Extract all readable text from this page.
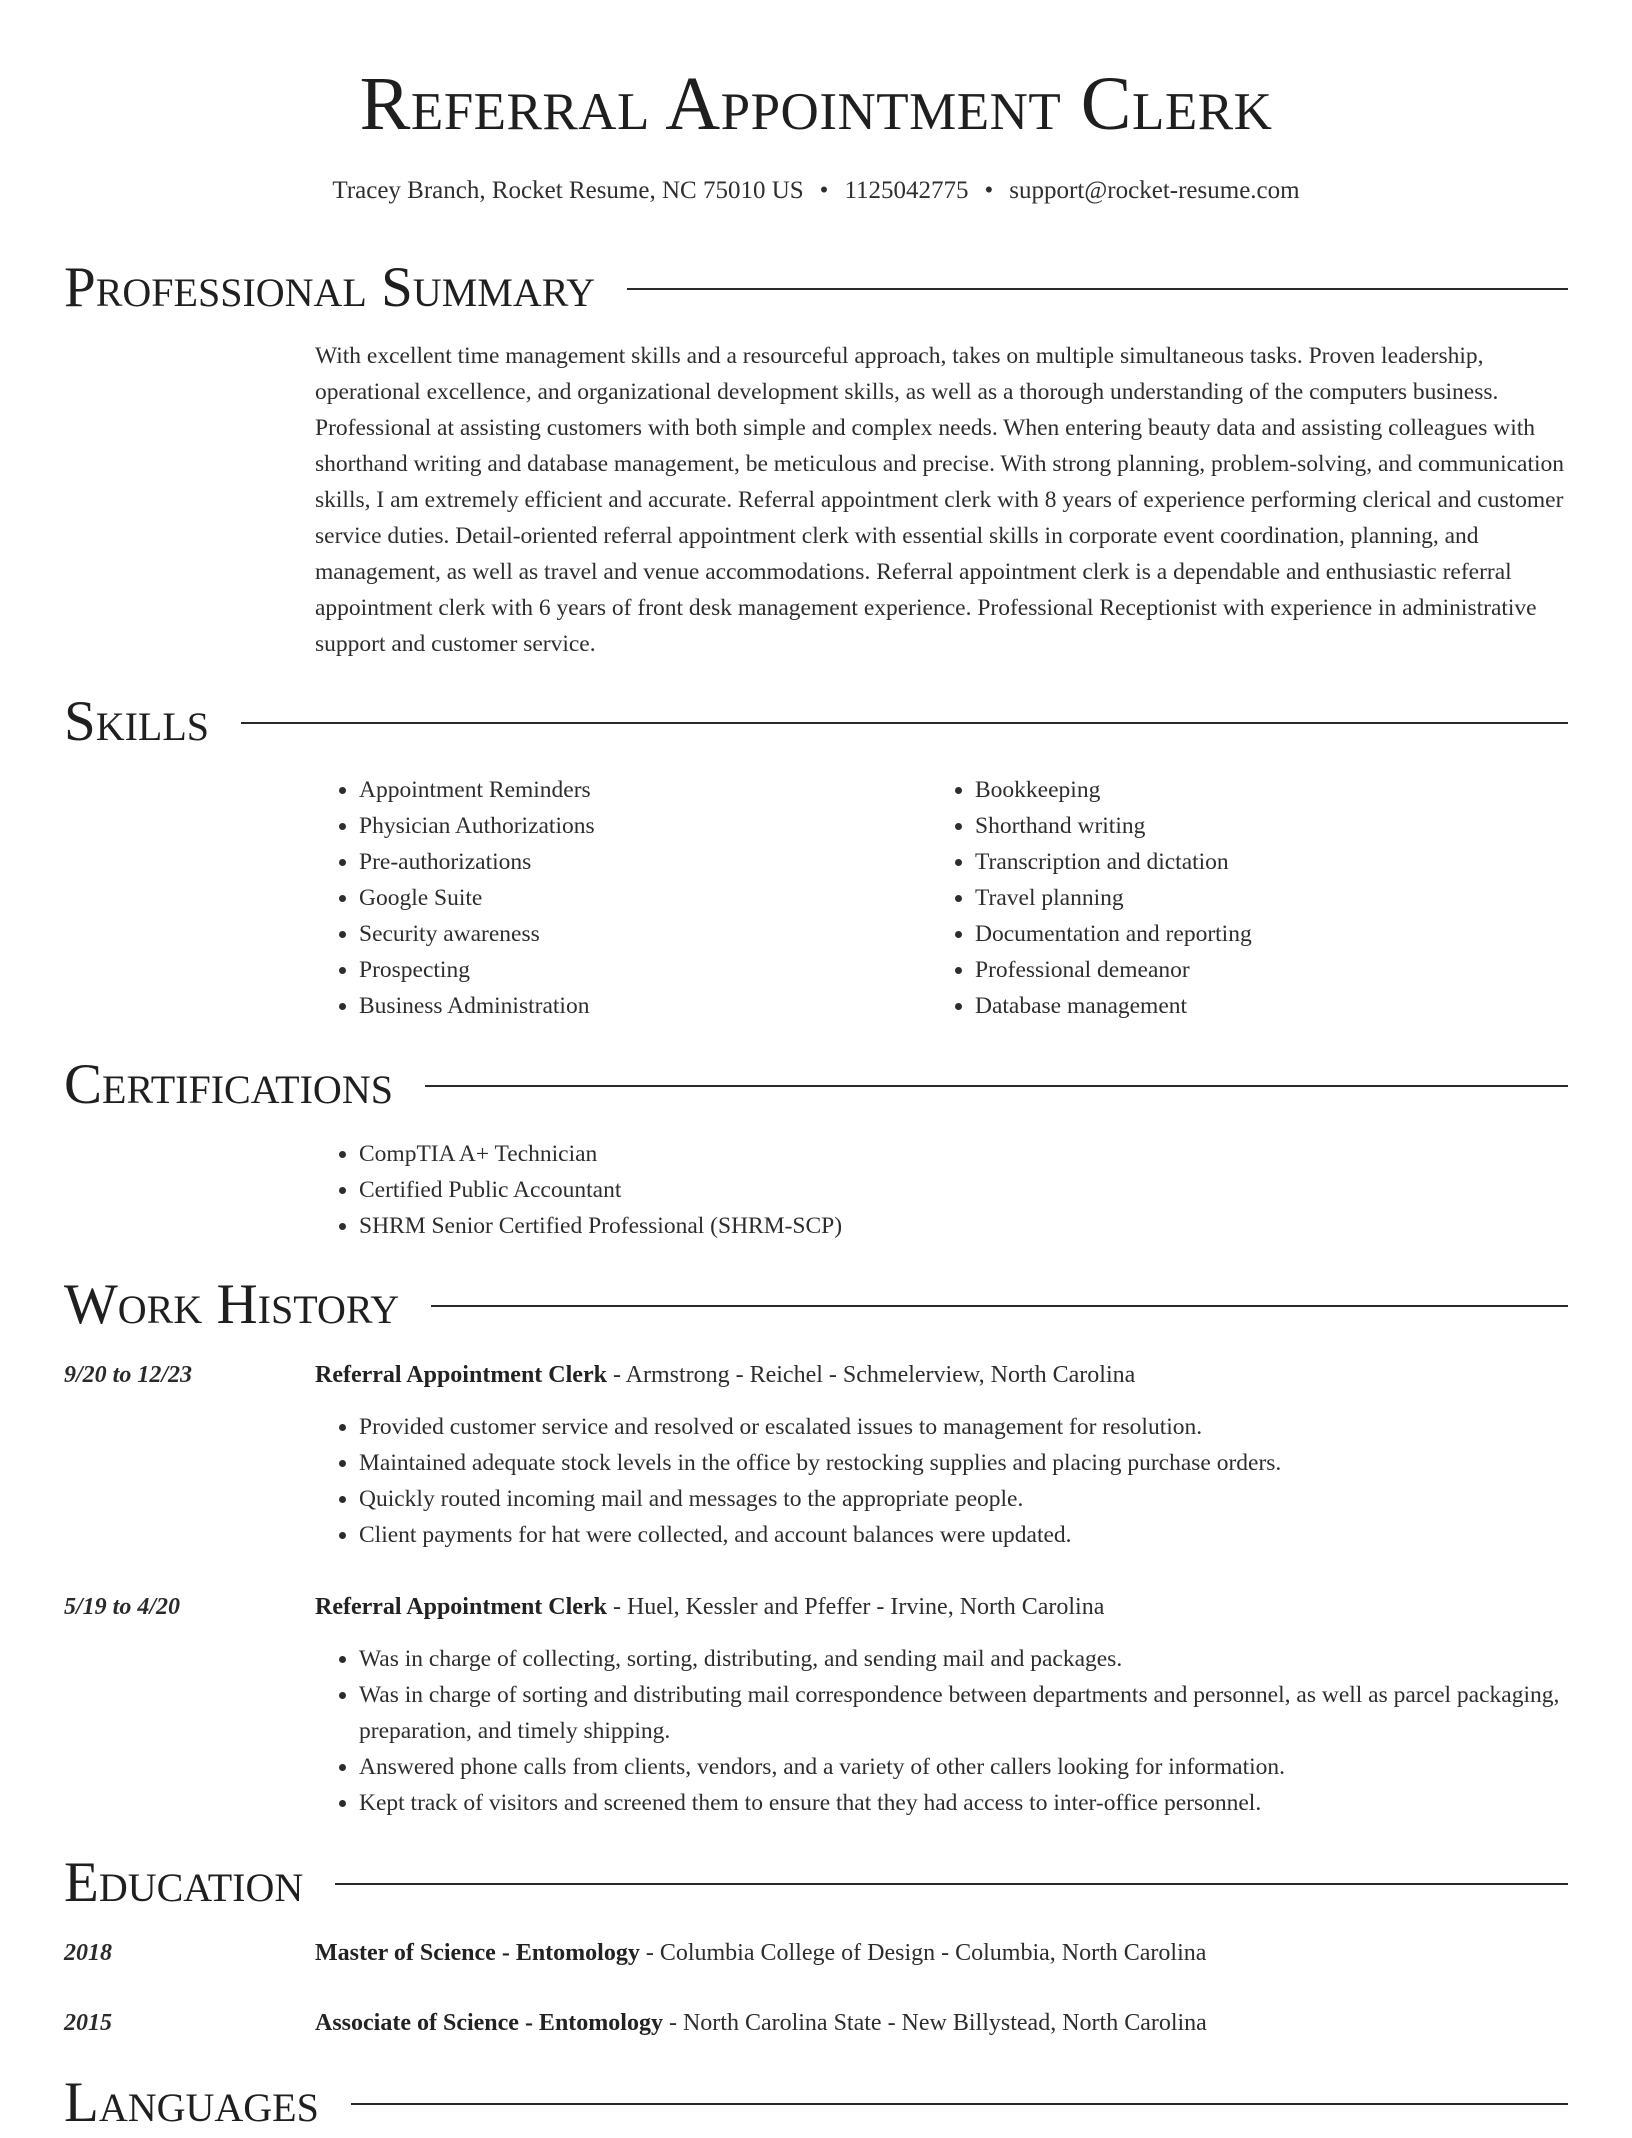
Referral Appointment Clerk
Tracey Branch, Rocket Resume, NC 75010 US • 1125042775 • support@rocket-resume.com
Professional Summary

With excellent time management skills and a resourceful approach, takes on multiple simultaneous tasks. Proven leadership, operational excellence, and organizational development skills, as well as a thorough understanding of the computers business. Professional at assisting customers with both simple and complex needs. When entering beauty data and assisting colleagues with shorthand writing and database management, be meticulous and precise. With strong planning, problem-solving, and communication skills, I am extremely efficient and accurate. Referral appointment clerk with 8 years of experience performing clerical and customer service duties. Detail-oriented referral appointment clerk with essential skills in corporate event coordination, planning, and management, as well as travel and venue accommodations. Referral appointment clerk is a dependable and enthusiastic referral appointment clerk with 6 years of front desk management experience. Professional Receptionist with experience in administrative support and customer service.

Skills
• Appointment Reminders
• Physician Authorizations
• Pre-authorizations
• Google Suite
• Security awareness
• Prospecting
• Business Administration
• Bookkeeping
• Shorthand writing
• Transcription and dictation
• Travel planning
• Documentation and reporting
• Professional demeanor
• Database management
Certifications
• CompTIA A+ Technician
• Certified Public Accountant
• SHRM Senior Certified Professional (SHRM-SCP)
Work History
9/20 to 12/23	Referral Appointment Clerk - Armstrong - Reichel - Schmelerview, North Carolina
• Provided customer service and resolved or escalated issues to management for resolution.
• Maintained adequate stock levels in the office by restocking supplies and placing purchase orders.
• Quickly routed incoming mail and messages to the appropriate people.
• Client payments for hat were collected, and account balances were updated.
5/19 to 4/20	Referral Appointment Clerk - Huel, Kessler and Pfeffer - Irvine, North Carolina
• Was in charge of collecting, sorting, distributing, and sending mail and packages.
• Was in charge of sorting and distributing mail correspondence between departments and personnel, as well as parcel packaging, preparation, and timely shipping.
• Answered phone calls from clients, vendors, and a variety of other callers looking for information.
• Kept track of visitors and screened them to ensure that they had access to inter-office personnel.
Education
2018	Master of Science - Entomology - Columbia College of Design - Columbia, North Carolina
2015	Associate of Science - Entomology - North Carolina State - New Billystead, North Carolina
Languages
